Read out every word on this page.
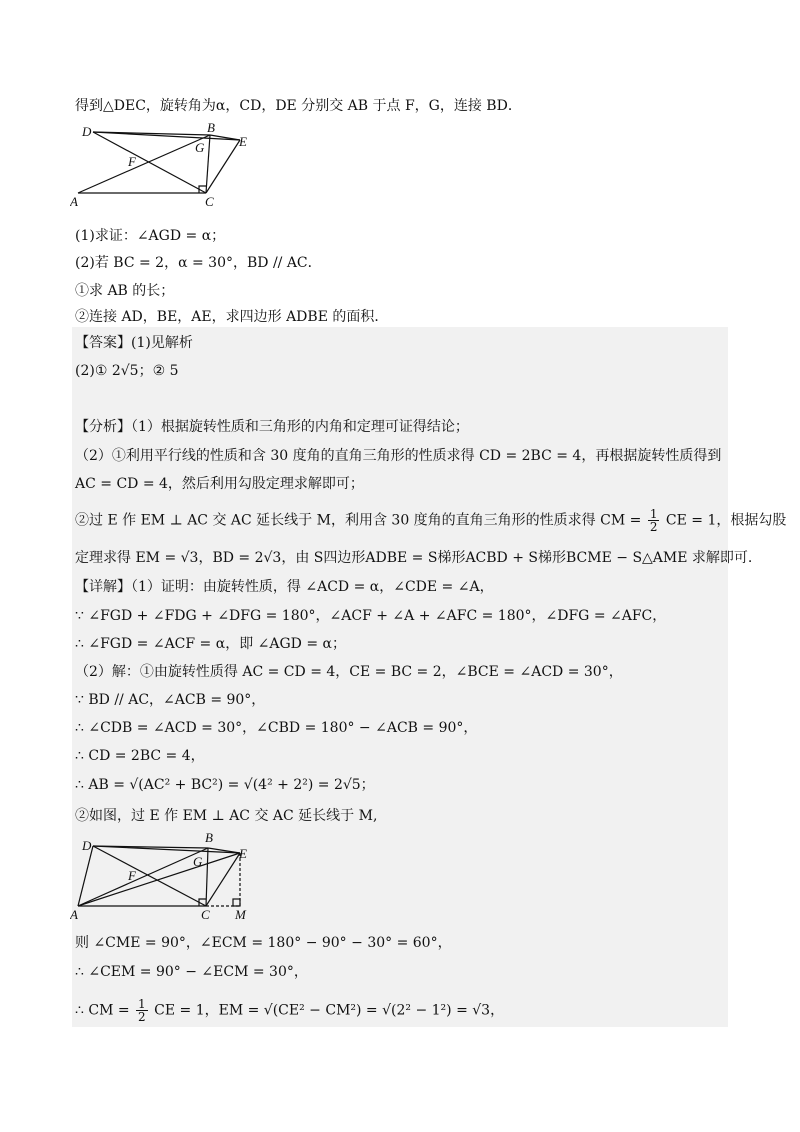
得到△DEC，旋转角为α，CD，DE 分别交 AB 于点 F，G，连接 BD．
D	B
G	E
F
A	C
(1)求证：∠AGD = α；
(2)若 BC = 2，α = 30°，BD // AC．
①求 AB 的长；
②连接 AD，BE，AE，求四边形 ADBE 的面积．
【答案】(1)见解析
(2)① 2√5；② 5
【分析】（1）根据旋转性质和三角形的内角和定理可证得结论；
（2）①利用平行线的性质和含 30 度角的直角三角形的性质求得 CD = 2BC = 4，再根据旋转性质得到
AC = CD = 4，然后利用勾股定理求解即可；
②过 E 作 EM ⊥ AC 交 AC 延长线于 M，利用含 30 度角的直角三角形的性质求得 CM = $\frac{1}{2}$ CE = 1，根据勾股
定理求得 EM = √3，BD = 2√3，由 S四边形ADBE = S梯形ACBD + S梯形BCME − S△AME 求解即可.
【详解】（1）证明：由旋转性质，得 ∠ACD = α，∠CDE = ∠A，
∵ ∠FGD + ∠FDG + ∠DFG = 180°，∠ACF + ∠A + ∠AFC = 180°，∠DFG = ∠AFC，
∴ ∠FGD = ∠ACF = α，即 ∠AGD = α；
（2）解：①由旋转性质得 AC = CD = 4，CE = BC = 2，∠BCE = ∠ACD = 30°，
∵ BD // AC，∠ACB = 90°，
∴ ∠CDB = ∠ACD = 30°，∠CBD = 180° − ∠ACB = 90°，
∴ CD = 2BC = 4，
∴ AB = √(AC² + BC²) = √(4² + 2²) = 2√5；
②如图，过 E 作 EM ⊥ AC 交 AC 延长线于 M,
D
B
G
E
F
A	C M
则 ∠CME = 90°，∠ECM = 180° − 90° − 30° = 60°，
∴ ∠CEM = 90° − ∠ECM = 30°，
∴ CM = $\frac{1}{2}$ CE = 1，EM = √(CE² − CM²) = √(2² − 1²) = √3，
